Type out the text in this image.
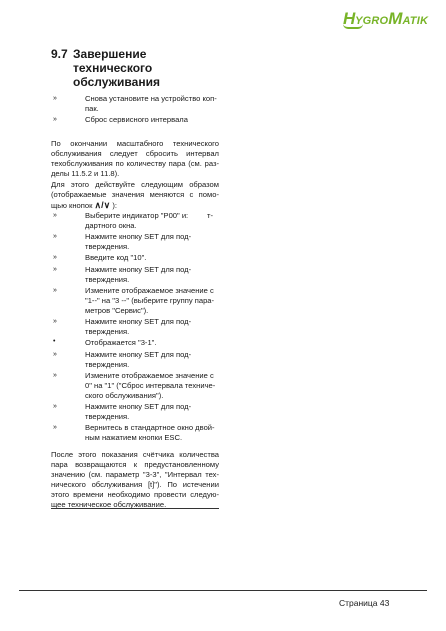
H YGRO M ATIK
9.7 Завершение технического
обслуживания
»	Снова установите на устройство коп-
пак.
»	Сброс сервисного интервала
По окончании масштабного технического
обслуживания следует сбросить интервал
техобслуживания по количеству пара (см. раз-
делы 11.5.2 и 11.8).
Для этого действуйте следующим образом
(отображаемые значения меняются с помо-
щью кнопок ∧/∨ ):
»	Выберите индикатор "P00" и: т-
дартного окна.
»	Нажмите кнопку SET для под-
тверждения.
»	Введите код "10".
»	Нажмите кнопку SET для под-
тверждения.
»	Измените отображаемое значение с
"1--" на "3 --" (выберите группу пара-
метров "Сервис").
»	Нажмите кнопку SET для под-
тверждения.
•	Отображается "3-1".
»	Нажмите кнопку SET для под-
тверждения.
»	Измените отображаемое значение с
0" на "1" ("Сброс интервала техниче-
ского обслуживания").
»	Нажмите кнопку SET для под-
тверждения.
»	Вернитесь в стандартное окно двой-
ным нажатием кнопки ESC.
После этого показания счётчика количества
пара возвращаются к предустановленному
значению (см. параметр "3-3", "Интервал тех-
нического обслуживания [t]"). По истечении
этого времени необходимо провести следую-
щее техническое обслуживание.
Страница 43
